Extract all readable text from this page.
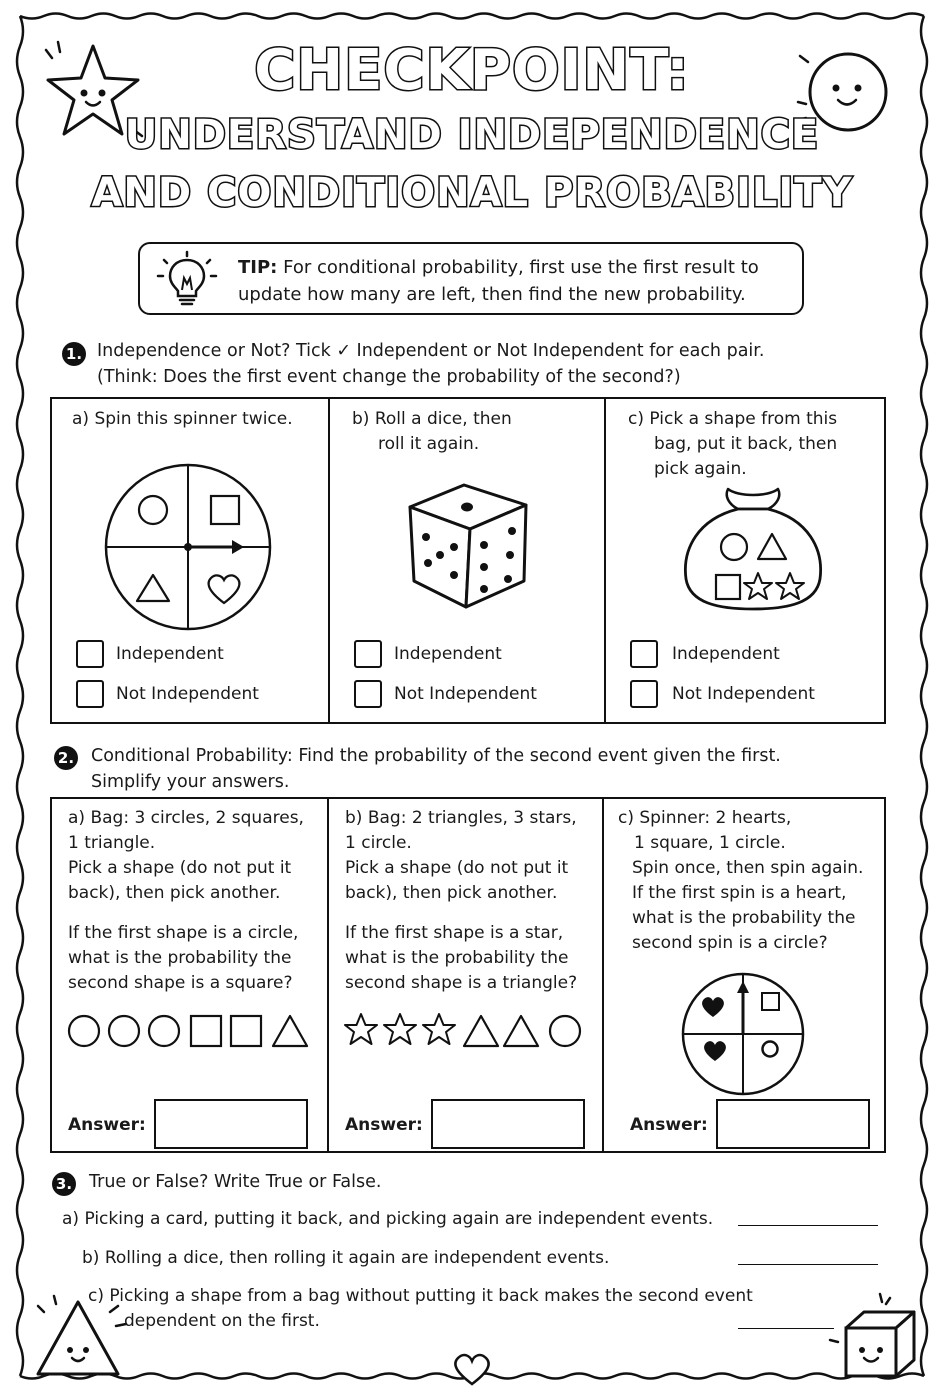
CHECKPOINT:
UNDERSTAND INDEPENDENCE
AND CONDITIONAL PROBABILITY
TIP: For conditional probability, first use the first result to update how many are left, then find the new probability.
1. Independence or Not? Tick ✓ Independent or Not Independent for each pair.
(Think: Does the first event change the probability of the second?)
a) Spin this spinner twice.
Independent
Not Independent
b) Roll a dice, then
roll it again.
Independent
Not Independent
c) Pick a shape from this
bag, put it back, then
pick again.
Independent
Not Independent
2. Conditional Probability: Find the probability of the second event given the first.
Simplify your answers.
a) Bag: 3 circles, 2 squares,
1 triangle.
Pick a shape (do not put it
back), then pick another.
If the first shape is a circle,
what is the probability the
second shape is a square?
Answer:
b) Bag: 2 triangles, 3 stars,
1 circle.
Pick a shape (do not put it
back), then pick another.
If the first shape is a star,
what is the probability the
second shape is a triangle?
Answer:
c) Spinner: 2 hearts,
1 square, 1 circle.
Spin once, then spin again.
If the first spin is a heart,
what is the probability the
second spin is a circle?
Answer:
3. True or False? Write True or False.
a) Picking a card, putting it back, and picking again are independent events.
b) Rolling a dice, then rolling it again are independent events.
c) Picking a shape from a bag without putting it back makes the second event
dependent on the first.
